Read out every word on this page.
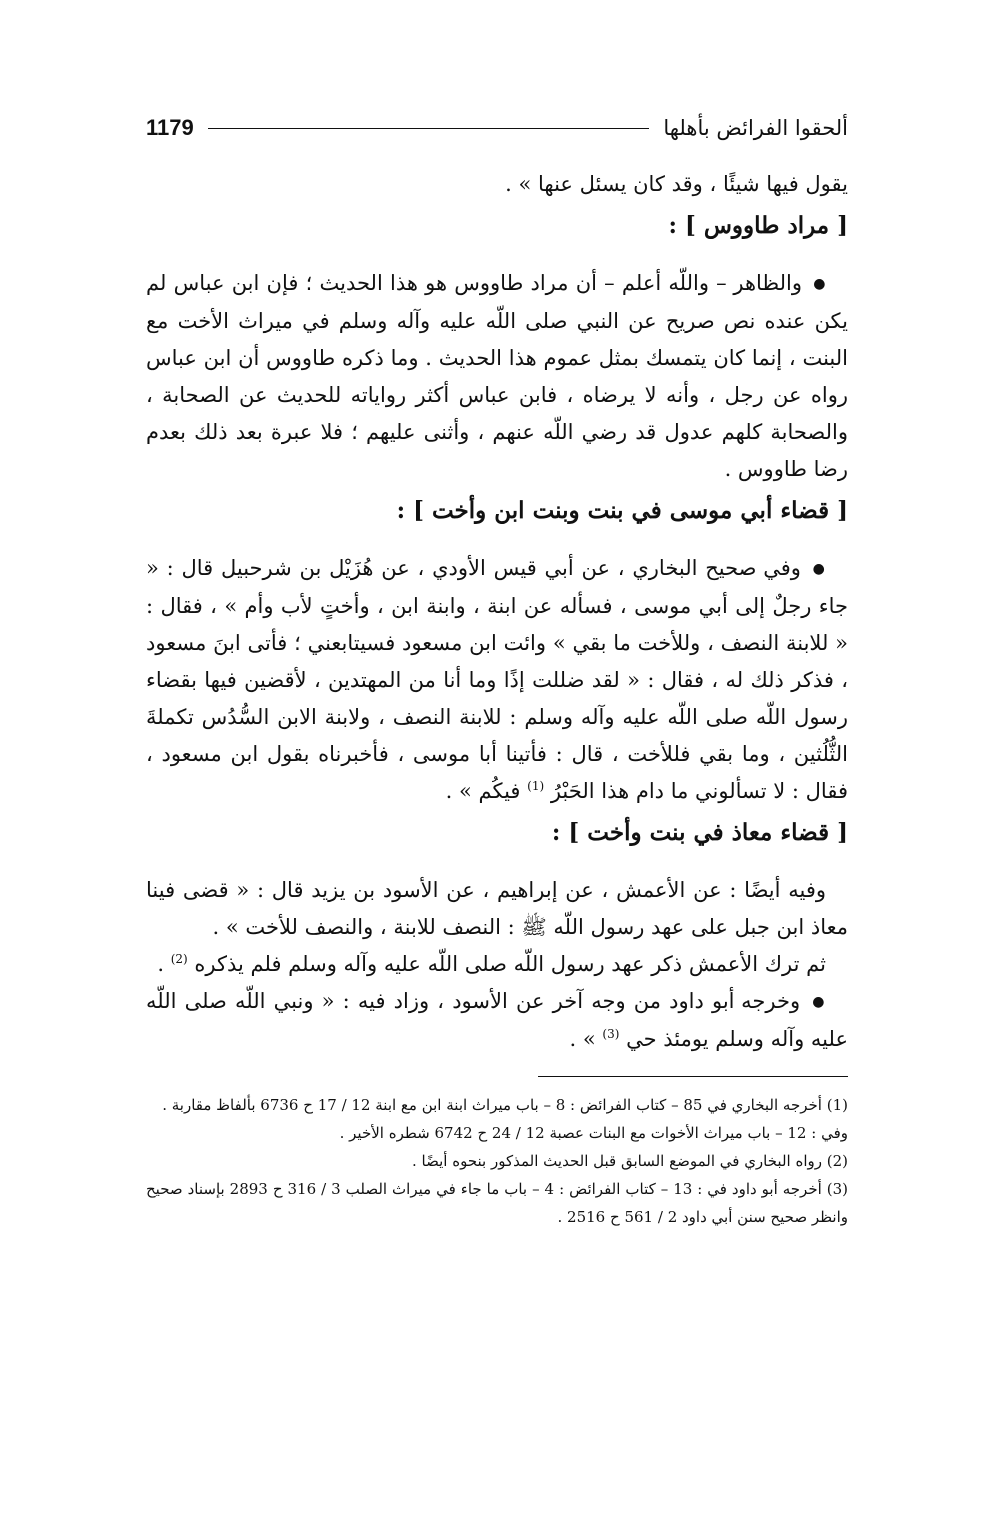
ألحقوا الفرائض بأهلها
1179

يقول فيها شيئًا ، وقد كان يسئل عنها » .

[ مراد طاووس ] :

● والظاهر – واللّه أعلم – أن مراد طاووس هو هذا الحديث ؛ فإن ابن عباس لم يكن عنده نص صريح عن النبي صلى اللّه عليه وآله وسلم في ميراث الأخت مع البنت ، إنما كان يتمسك بمثل عموم هذا الحديث . وما ذكره طاووس أن ابن عباس رواه عن رجل ، وأنه لا يرضاه ، فابن عباس أكثر رواياته للحديث عن الصحابة ، والصحابة كلهم عدول قد رضي اللّه عنهم ، وأثنى عليهم ؛ فلا عبرة بعد ذلك بعدم رضا طاووس .

[ قضاء أبي موسى في بنت وبنت ابن وأخت ] :

● وفي صحيح البخاري ، عن أبي قيس الأودي ، عن هُزَيْل بن شرحبيل قال : « جاء رجلٌ إلى أبي موسى ، فسأله عن ابنة ، وابنة ابن ، وأختٍ لأب وأم » ، فقال : « للابنة النصف ، وللأخت ما بقي » وائت ابن مسعود فسيتابعني ؛ فأتى ابنَ مسعود ، فذكر ذلك له ، فقال : « لقد ضللت إذًا وما أنا من المهتدين ، لأقضين فيها بقضاء رسول اللّه صلى اللّه عليه وآله وسلم : للابنة النصف ، ولابنة الابن السُّدُس تكملةَ الثُّلُثين ، وما بقي فللأخت ، قال : فأتينا أبا موسى ، فأخبرناه بقول ابن مسعود ، فقال : لا تسألوني ما دام هذا الحَبْرُ $^{(1)}$ فيكُم » .

[ قضاء معاذ في بنت وأخت ] :

وفيه أيضًا : عن الأعمش ، عن إبراهيم ، عن الأسود بن يزيد قال : « قضى فينا معاذ ابن جبل على عهد رسول اللّه ﷺ : النصف للابنة ، والنصف للأخت » .

ثم ترك الأعمش ذكر عهد رسول اللّه صلى اللّه عليه وآله وسلم فلم يذكره $^{(2)}$ .

● وخرجه أبو داود من وجه آخر عن الأسود ، وزاد فيه : « ونبي اللّه صلى اللّه عليه وآله وسلم يومئذ حي $^{(3)}$ » .

(1) أخرجه البخاري في 85 – كتاب الفرائض : 8 – باب ميراث ابنة ابن مع ابنة 12 / 17 ح 6736 بألفاظ مقاربة .

وفي : 12 – باب ميراث الأخوات مع البنات عصبة 12 / 24 ح 6742 شطره الأخير .

(2) رواه البخاري في الموضع السابق قبل الحديث المذكور بنحوه أيضًا .

(3) أخرجه أبو داود في : 13 – كتاب الفرائض : 4 – باب ما جاء في ميراث الصلب 3 / 316 ح 2893 بإسناد صحيح وانظر صحيح سنن أبي داود 2 / 561 ح 2516 .
